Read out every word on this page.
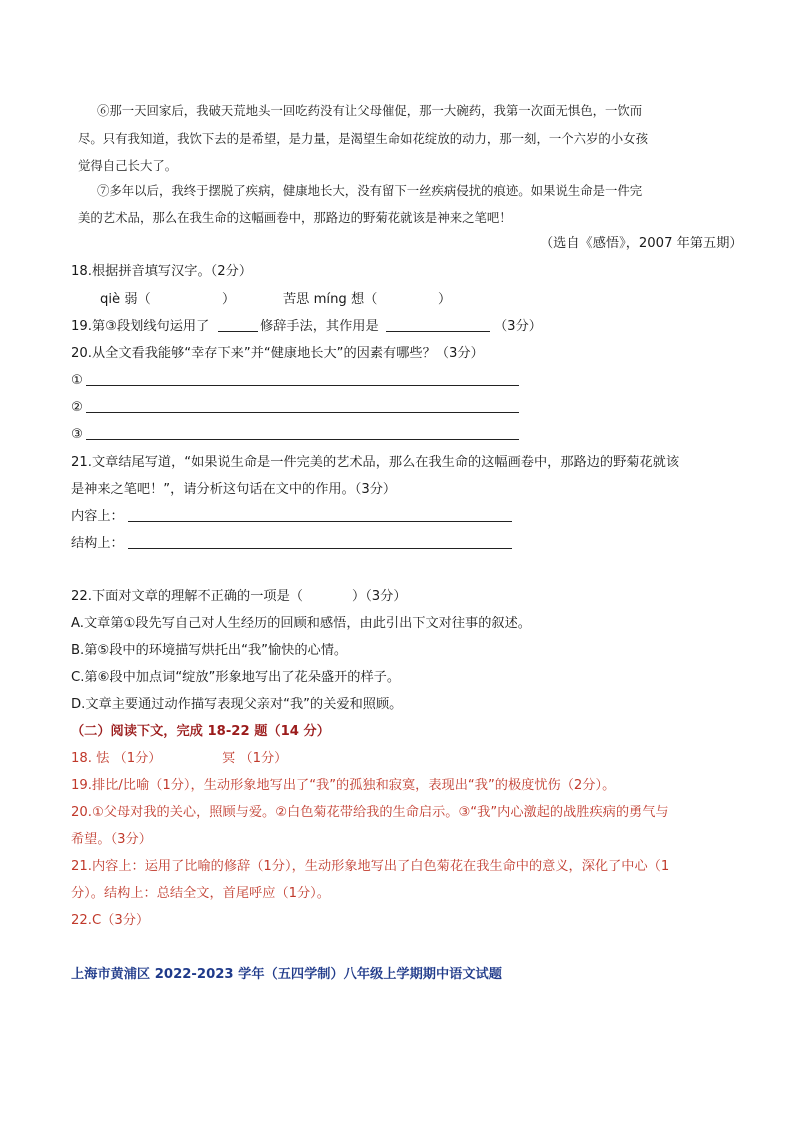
⑥那一天回家后，我破天荒地头一回吃药没有让父母催促，那一大碗药，我第一次面无惧色，一饮而
尽。只有我知道，我饮下去的是希望，是力量，是渴望生命如花绽放的动力，那一刻，一个六岁的小女孩
觉得自己长大了。
⑦多年以后，我终于摆脱了疾病，健康地长大，没有留下一丝疾病侵扰的痕迹。如果说生命是一件完
美的艺术品，那么在我生命的这幅画卷中，那路边的野菊花就该是神来之笔吧！
（选自《感悟》，2007 年第五期）
18.根据拼音填写汉字。（2分）
qiè 弱（	）	苦思 míng 想（	）
19.第③段划线句运用了	修辞手法，其作用是	（3分）
20.从全文看我能够“幸存下来”并“健康地长大”的因素有哪些？（3分）
①
②
③
21.文章结尾写道，“如果说生命是一件完美的艺术品，那么在我生命的这幅画卷中，那路边的野菊花就该
是神来之笔吧！”，请分析这句话在文中的作用。（3分）
内容上：
结构上：
22.下面对文章的理解不正确的一项是（	）（3分）
A.文章第①段先写自己对人生经历的回顾和感悟，由此引出下文对往事的叙述。
B.第⑤段中的环境描写烘托出“我”愉快的心情。
C.第⑥段中加点词“绽放”形象地写出了花朵盛开的样子。
D.文章主要通过动作描写表现父亲对“我”的关爱和照顾。
（二）阅读下文，完成 18-22 题（14 分）
18. 怯 （1分）	冥 （1分）
19.排比/比喻（1分），生动形象地写出了“我”的孤独和寂寞，表现出“我”的极度忧伤（2分）。
20.①父母对我的关心，照顾与爱。②白色菊花带给我的生命启示。③“我”内心激起的战胜疾病的勇气与
希望。（3分）
21.内容上：运用了比喻的修辞（1分），生动形象地写出了白色菊花在我生命中的意义，深化了中心（1
分）。结构上：总结全文，首尾呼应（1分）。
22.C（3分）
上海市黄浦区 2022-2023 学年（五四学制）八年级上学期期中语文试题
